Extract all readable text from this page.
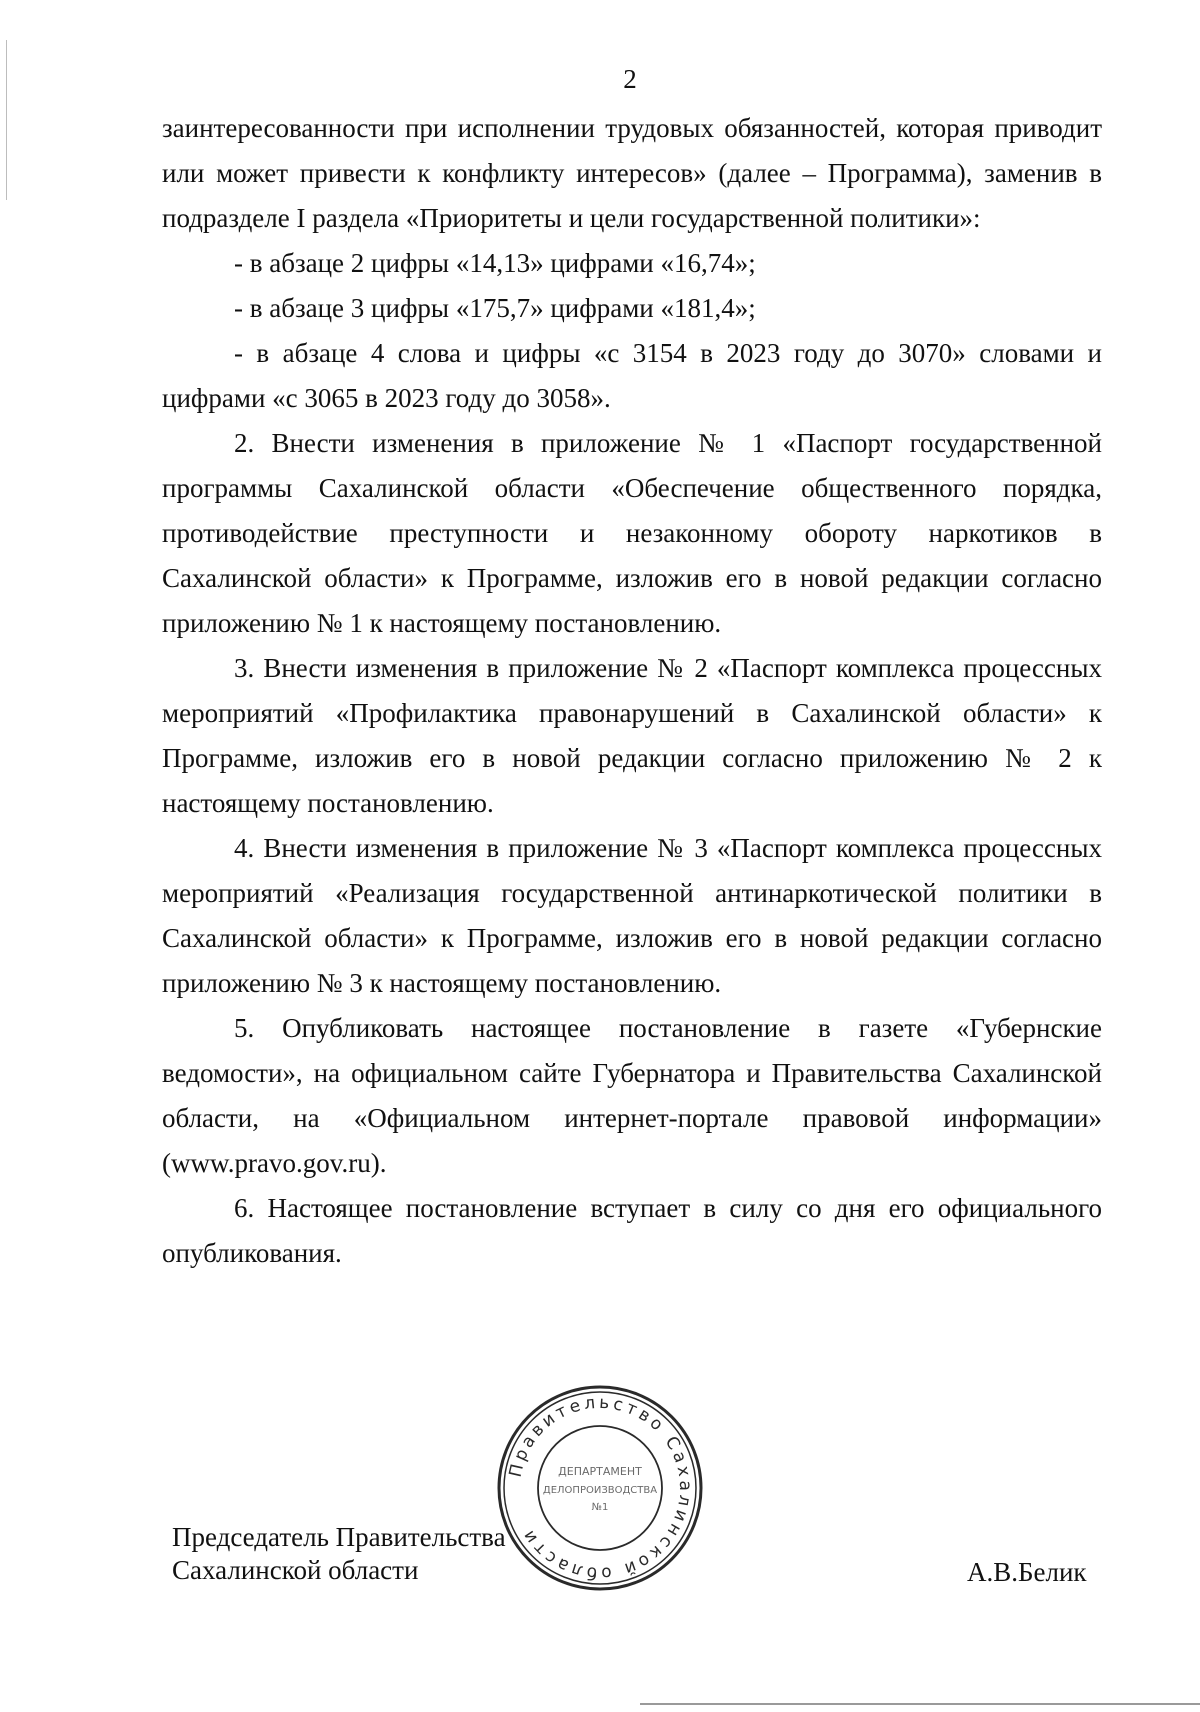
2

заинтересованности при исполнении трудовых обязанностей, которая приводит или может привести к конфликту интересов» (далее – Программа), заменив в подразделе I раздела «Приоритеты и цели государственной политики»:

- в абзаце 2 цифры «14,13» цифрами «16,74»;

- в абзаце 3 цифры «175,7» цифрами «181,4»;

- в абзаце 4 слова и цифры «с 3154 в 2023 году до 3070» словами и цифрами «с 3065 в 2023 году до 3058».

2. Внести изменения в приложение № 1 «Паспорт государственной программы Сахалинской области «Обеспечение общественного порядка, противодействие преступности и незаконному обороту наркотиков в Сахалинской области» к Программе, изложив его в новой редакции согласно приложению № 1 к настоящему постановлению.

3. Внести изменения в приложение № 2 «Паспорт комплекса процессных мероприятий «Профилактика правонарушений в Сахалинской области» к Программе, изложив его в новой редакции согласно приложению № 2 к настоящему постановлению.

4. Внести изменения в приложение № 3 «Паспорт комплекса процессных мероприятий «Реализация государственной антинаркотической политики в Сахалинской области» к Программе, изложив его в новой редакции согласно приложению № 3 к настоящему постановлению.

5. Опубликовать настоящее постановление в газете «Губернские ведомости», на официальном сайте Губернатора и Правительства Сахалинской области, на «Официальном интернет-портале правовой информации» (www.pravo.gov.ru).

6. Настоящее постановление вступает в силу со дня его официального опубликования.

Председатель Правительства
Сахалинской области	А.В.Белик
Правительство Сахалинской области
ДЕПАРТАМЕНТ
ДЕЛОПРОИЗВОДСТВА
№1
